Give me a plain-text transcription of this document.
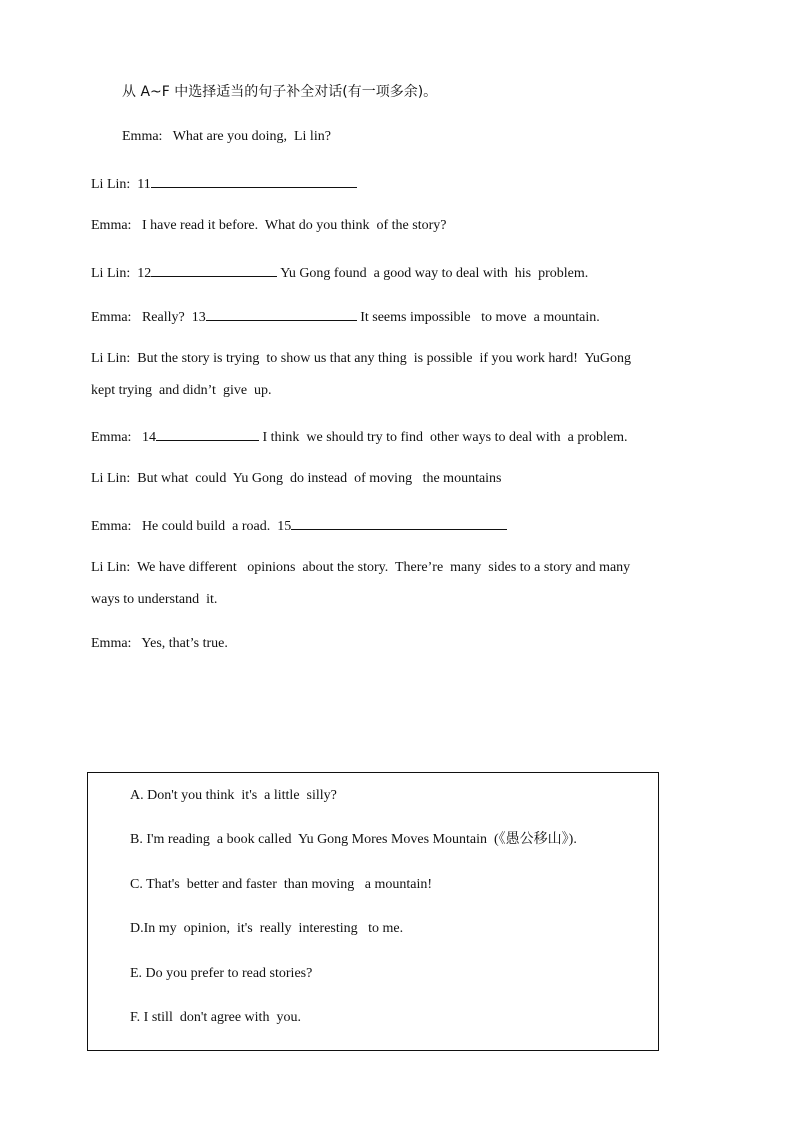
从 A~F 中选择适当的句子补全对话(有一项多余)。
Emma: What are you doing,  Li lin?
Li Lin: 11
Emma: I have read it before.  What do you think  of the story?
Li Lin: 12	Yu Gong found  a good way to deal with  his  problem.
Emma: Really? 13	It seems impossible   to move  a mountain.
Li Lin: But the story is trying  to show us that any thing  is possible  if you work hard!  YuGong
kept trying  and didn’t  give  up.
Emma: 14	I think  we should try to find  other ways to deal with  a problem.
Li Lin: But what  could  Yu Gong  do instead  of moving   the mountains
Emma: He could build  a road. 15
Li Lin: We have different   opinions  about the story.  There’re  many  sides to a story and many
ways to understand  it.
Emma: Yes, that’s true.
A. Don't you think  it's  a little  silly?
B. I'm reading  a book called  Yu Gong Mores Moves Mountain  (《愚公移山》).
C. That's  better and faster  than moving   a mountain!
D.In my  opinion,  it's  really  interesting   to me.
E. Do you prefer to read stories?
F. I still  don't agree with  you.
